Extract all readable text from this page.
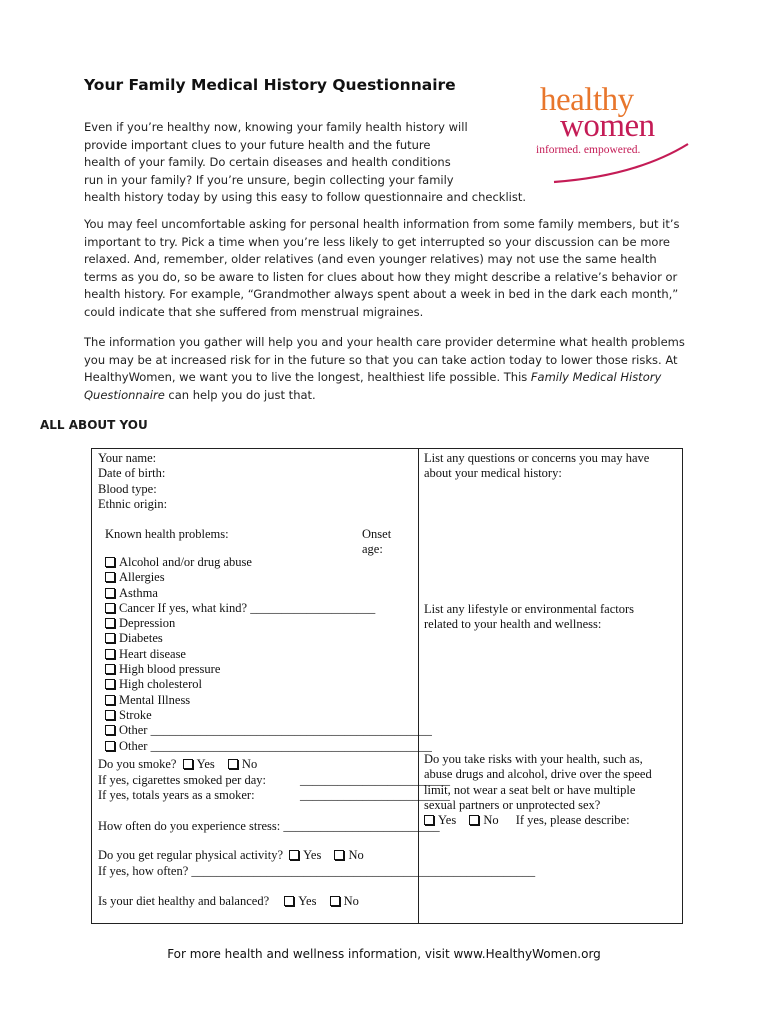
Your Family Medical History Questionnaire	healthy
women
informed. empowered.

Even if you’re healthy now, knowing your family health history will

provide important clues to your future health and the future

health of your family. Do certain diseases and health conditions

run in your family? If you’re unsure, begin collecting your family

health history today by using this easy to follow questionnaire and checklist.

You may feel uncomfortable asking for personal health information from some family members, but it’s

important to try. Pick a time when you’re less likely to get interrupted so your discussion can be more

relaxed. And, remember, older relatives (and even younger relatives) may not use the same health

terms as you do, so be aware to listen for clues about how they might describe a relative’s behavior or

health history. For example, “Grandmother always spent about a week in bed in the dark each month,”

could indicate that she suffered from menstrual migraines.

The information you gather will help you and your health care provider determine what health problems

you may be at increased risk for in the future so that you can take action today to lower those risks. At

HealthyWomen, we want you to live the longest, healthiest life possible. This Family Medical History

Questionnaire can help you do just that.

ALL ABOUT YOU
Your name:
Date of birth:
Blood type:
Ethnic origin:
Known health problems:	Onset
age:
Alcohol and/or drug abuse
Allergies
Asthma
Cancer If yes, what kind? ____________________
Depression
Diabetes
Heart disease
High blood pressure
High cholesterol
Mental Illness
Stroke
Other _____________________________________________
Other _____________________________________________
Do you smoke? Yes No
If yes, cigarettes smoked per day:	________________________
If yes, totals years as a smoker:	________________________
How often do you experience stress: _________________________
Do you get regular physical activity? Yes No
If yes, how often? _______________________________________________________
Is your diet healthy and balanced? Yes No
List any questions or concerns you may have
about your medical history:
List any lifestyle or environmental factors
related to your health and wellness:
Do you take risks with your health, such as,
abuse drugs and alcohol, drive over the speed
limit, not wear a seat belt or have multiple
sexual partners or unprotected sex?
Yes No If yes, please describe:
For more health and wellness information, visit www.HealthyWomen.org
